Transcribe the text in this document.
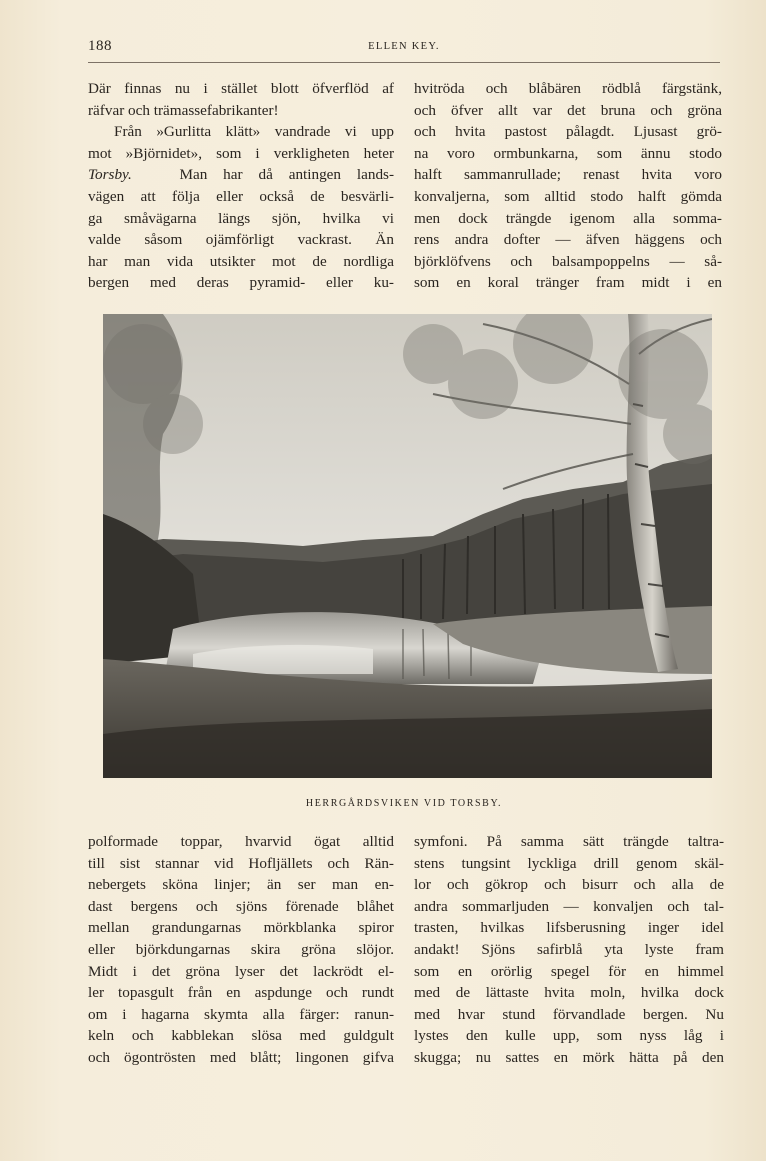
188	ELLEN KEY.
Där finnas nu i stället blott öfverflöd af
räfvar och trämassefabrikanter!
Från »Gurlitta klätt» vandrade vi upp
mot »Björnidet», som i verkligheten heter
Torsby.	Man har då antingen lands-
vägen att följa eller också de besvärli-
ga småvägarna längs sjön, hvilka vi
valde såsom ojämförligt vackrast. Än
har man vida utsikter mot de nordliga
bergen med deras pyramid- eller ku-
hvitröda och blåbären rödblå färgstänk,
och öfver allt var det bruna och gröna
och hvita pastost pålagdt. Ljusast grö-
na voro ormbunkarna, som ännu stodo
halft sammanrullade; renast hvita voro
konvaljerna, som alltid stodo halft gömda
men dock trängde igenom alla somma-
rens andra dofter — äfven häggens och
björklöfvens och balsampoppelns — så-
som en koral tränger fram midt i en
HERRGÅRDSVIKEN VID TORSBY.
polformade toppar, hvarvid ögat alltid
till sist stannar vid Hofljällets och Rän-
nebergets sköna linjer; än ser man en-
dast bergens och sjöns förenade blåhet
mellan grandungarnas mörkblanka spiror
eller björkdungarnas skira gröna slöjor.
Midt i det gröna lyser det lackrödt el-
ler topasgult från en aspdunge och rundt
om i hagarna skymta alla färger: ranun-
keln och kabblekan slösa med guldgult
och ögontrösten med blått; lingonen gifva
symfoni. På samma sätt trängde taltra-
stens tungsint lyckliga drill genom skäl-
lor och gökrop och bisurr och alla de
andra sommarljuden — konvaljen och tal-
trasten, hvilkas lifsberusning inger idel
andakt! Sjöns safirblå yta lyste fram
som en orörlig spegel för en himmel
med de lättaste hvita moln, hvilka dock
med hvar stund förvandlade bergen. Nu
lystes den kulle upp, som nyss låg i
skugga; nu sattes en mörk hätta på den
